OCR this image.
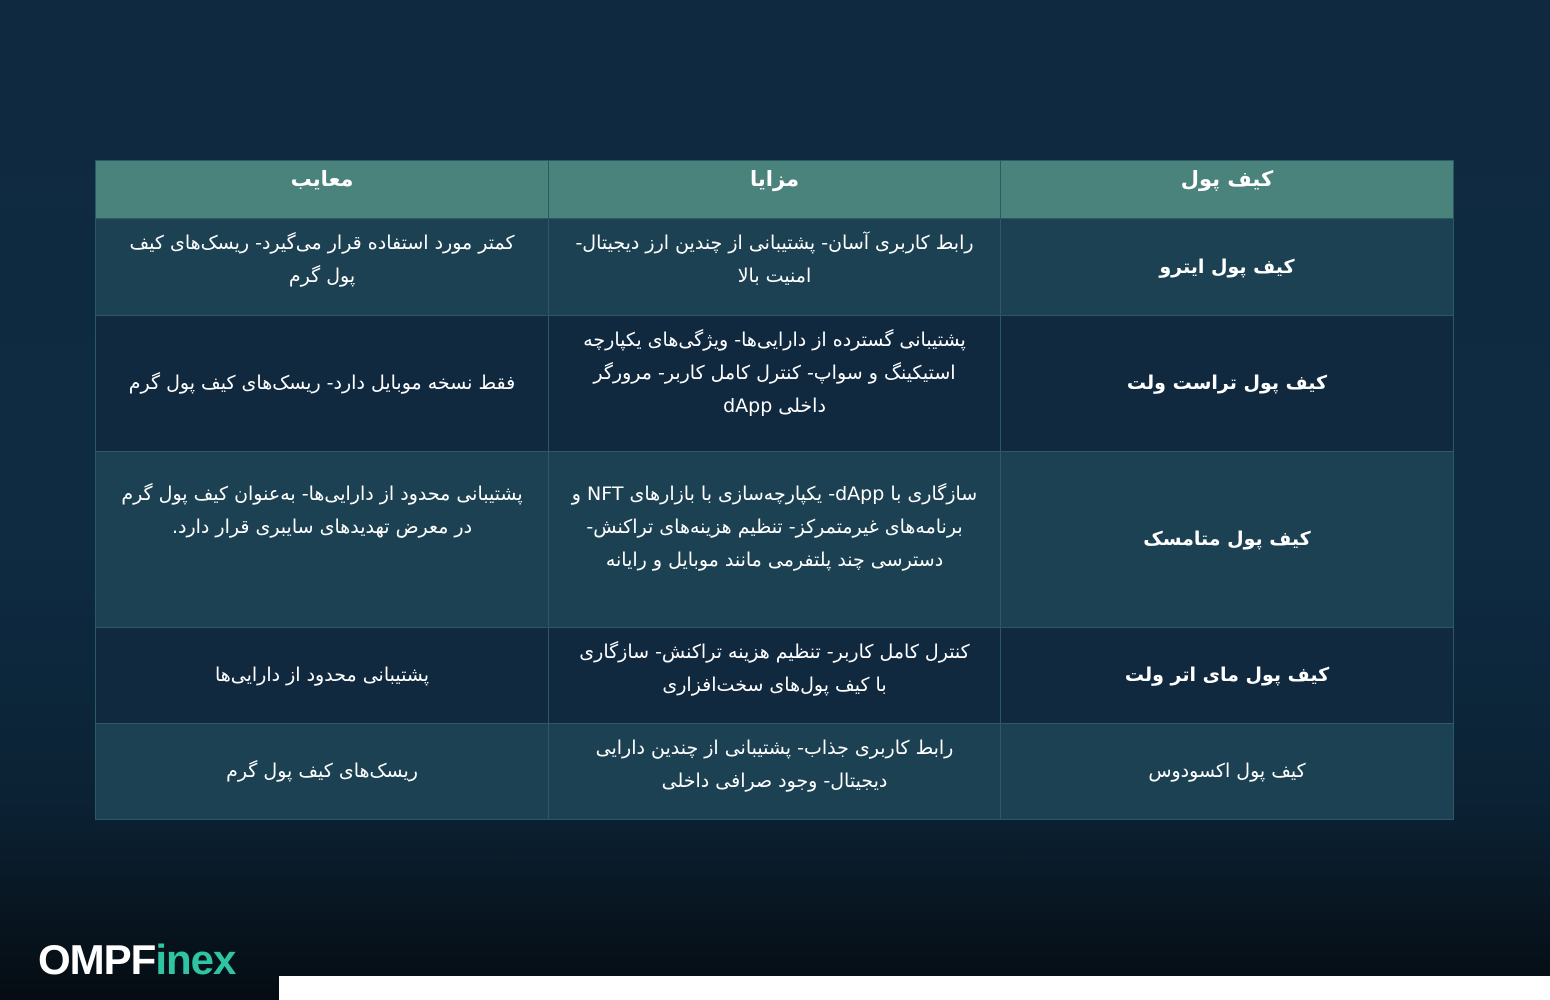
کیف پول	مزایا	معایب
کیف پول ایترو	رابط کاربری آسان- پشتیبانی از چندین ارز دیجیتال- امنیت بالا	کمتر مورد استفاده قرار می‌گیرد- ریسک‌های کیف پول گرم
کیف پول تراست ولت	پشتیبانی گسترده از دارایی‌ها- ویژگی‌های یکپارچه استیکینگ و سواپ- کنترل کامل کاربر- مرورگر داخلی dApp	فقط نسخه موبایل دارد- ریسک‌های کیف پول گرم
کیف پول متامسک	سازگاری با dApp- یکپارچه‌سازی با بازارهای NFT و برنامه‌های غیرمتمرکز- تنظیم هزینه‌های تراکنش- دسترسی چند پلتفرمی مانند موبایل و رایانه	پشتیبانی محدود از دارایی‌ها- به‌عنوان کیف پول گرم در معرض تهدیدهای سایبری قرار دارد.
کیف پول مای اتر ولت	کنترل کامل کاربر- تنظیم هزینه تراکنش- سازگاری با کیف پول‌های سخت‌افزاری	پشتیبانی محدود از دارایی‌ها
کیف پول اکسودوس	رابط کاربری جذاب- پشتیبانی از چندین دارایی دیجیتال- وجود صرافی داخلی	ریسک‌های کیف پول گرم
OMPFinex
